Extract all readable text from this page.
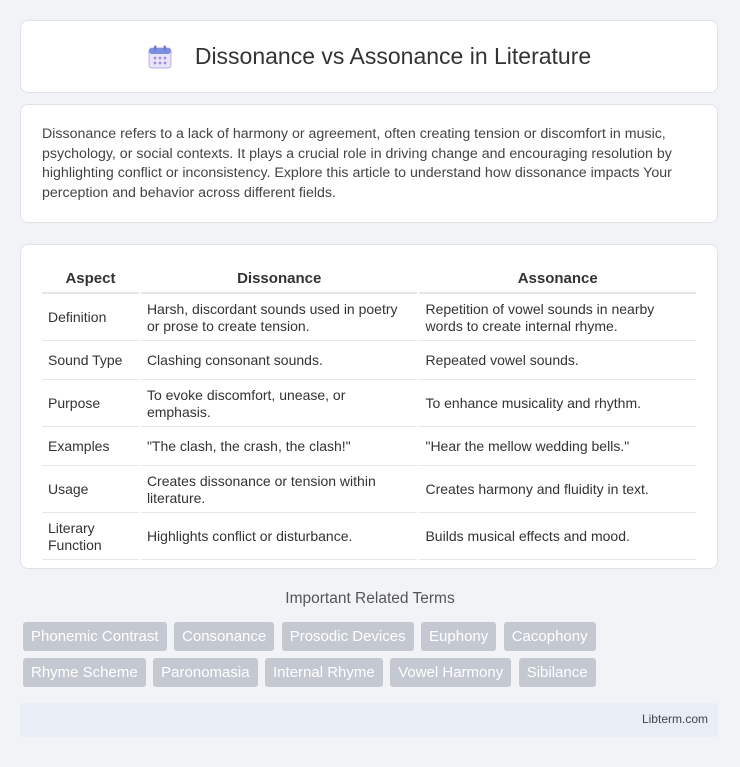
Dissonance vs Assonance in Literature

Dissonance refers to a lack of harmony or agreement, often creating tension or discomfort in music, psychology, or social contexts. It plays a crucial role in driving change and encouraging resolution by highlighting conflict or inconsistency. Explore this article to understand how dissonance impacts Your perception and behavior across different fields.

Aspect	Dissonance	Assonance
Definition	Harsh, discordant sounds used in poetry or prose to create tension.	Repetition of vowel sounds in nearby words to create internal rhyme.
Sound Type	Clashing consonant sounds.	Repeated vowel sounds.
Purpose	To evoke discomfort, unease, or emphasis.	To enhance musicality and rhythm.
Examples	"The clash, the crash, the clash!"	"Hear the mellow wedding bells."
Usage	Creates dissonance or tension within literature.	Creates harmony and fluidity in text.
Literary Function	Highlights conflict or disturbance.	Builds musical effects and mood.
Important Related Terms
Phonemic Contrast Consonance Prosodic Devices Euphony Cacophony
Rhyme Scheme Paronomasia Internal Rhyme Vowel Harmony Sibilance
Libterm.com
